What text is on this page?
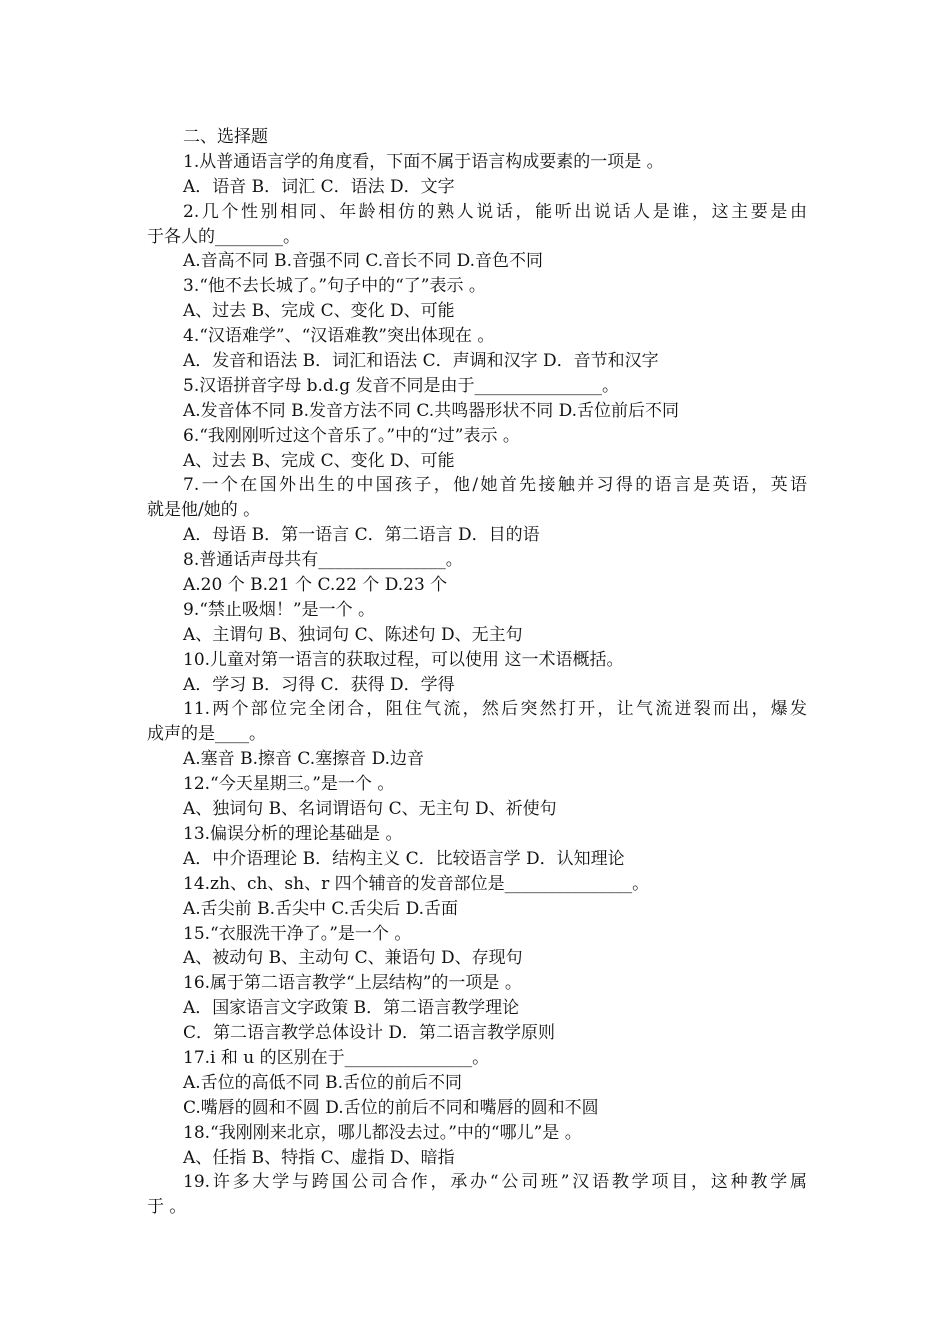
二、选择题
1.从普通语言学的角度看，下面不属于语言构成要素的一项是 。
A．语音 B．词汇 C．语法 D．文字
2.几个性别相同、年龄相仿的熟人说话，能听出说话人是谁，这主要是由
于各人的________。
A.音高不同 B.音强不同 C.音长不同 D.音色不同
3.“他不去长城了。”句子中的“了”表示 。
A、过去 B、完成 C、变化 D、可能
4.“汉语难学”、“汉语难教”突出体现在 。
A．发音和语法 B．词汇和语法 C．声调和汉字 D．音节和汉字
5.汉语拼音字母 b.d.g 发音不同是由于_______________。
A.发音体不同 B.发音方法不同 C.共鸣器形状不同 D.舌位前后不同
6.“我刚刚听过这个音乐了。”中的“过”表示 。
A、过去 B、完成 C、变化 D、可能
7.一个在国外出生的中国孩子，他/她首先接触并习得的语言是英语，英语
就是他/她的 。
A．母语 B．第一语言 C．第二语言 D．目的语
8.普通话声母共有_______________。
A.20 个 B.21 个 C.22 个 D.23 个
9.“禁止吸烟！”是一个 。
A、主谓句 B、独词句 C、陈述句 D、无主句
10.儿童对第一语言的获取过程，可以使用 这一术语概括。
A．学习 B．习得 C．获得 D．学得
11.两个部位完全闭合，阻住气流，然后突然打开，让气流迸裂而出，爆发
成声的是____。
A.塞音 B.擦音 C.塞擦音 D.边音
12.“今天星期三。”是一个 。
A、独词句 B、名词谓语句 C、无主句 D、祈使句
13.偏误分析的理论基础是 。
A．中介语理论 B．结构主义 C．比较语言学 D．认知理论
14.zh、ch、sh、r 四个辅音的发音部位是_______________。
A.舌尖前 B.舌尖中 C.舌尖后 D.舌面
15.“衣服洗干净了。”是一个 。
A、被动句 B、主动句 C、兼语句 D、存现句
16.属于第二语言教学“上层结构”的一项是 。
A．国家语言文字政策 B．第二语言教学理论
C．第二语言教学总体设计 D．第二语言教学原则
17.i 和 u 的区别在于_______________。
A.舌位的高低不同 B.舌位的前后不同
C.嘴唇的圆和不圆 D.舌位的前后不同和嘴唇的圆和不圆
18.“我刚刚来北京，哪儿都没去过。”中的“哪儿”是 。
A、任指 B、特指 C、虚指 D、暗指
19.许多大学与跨国公司合作，承办“公司班”汉语教学项目，这种教学属
于 。
